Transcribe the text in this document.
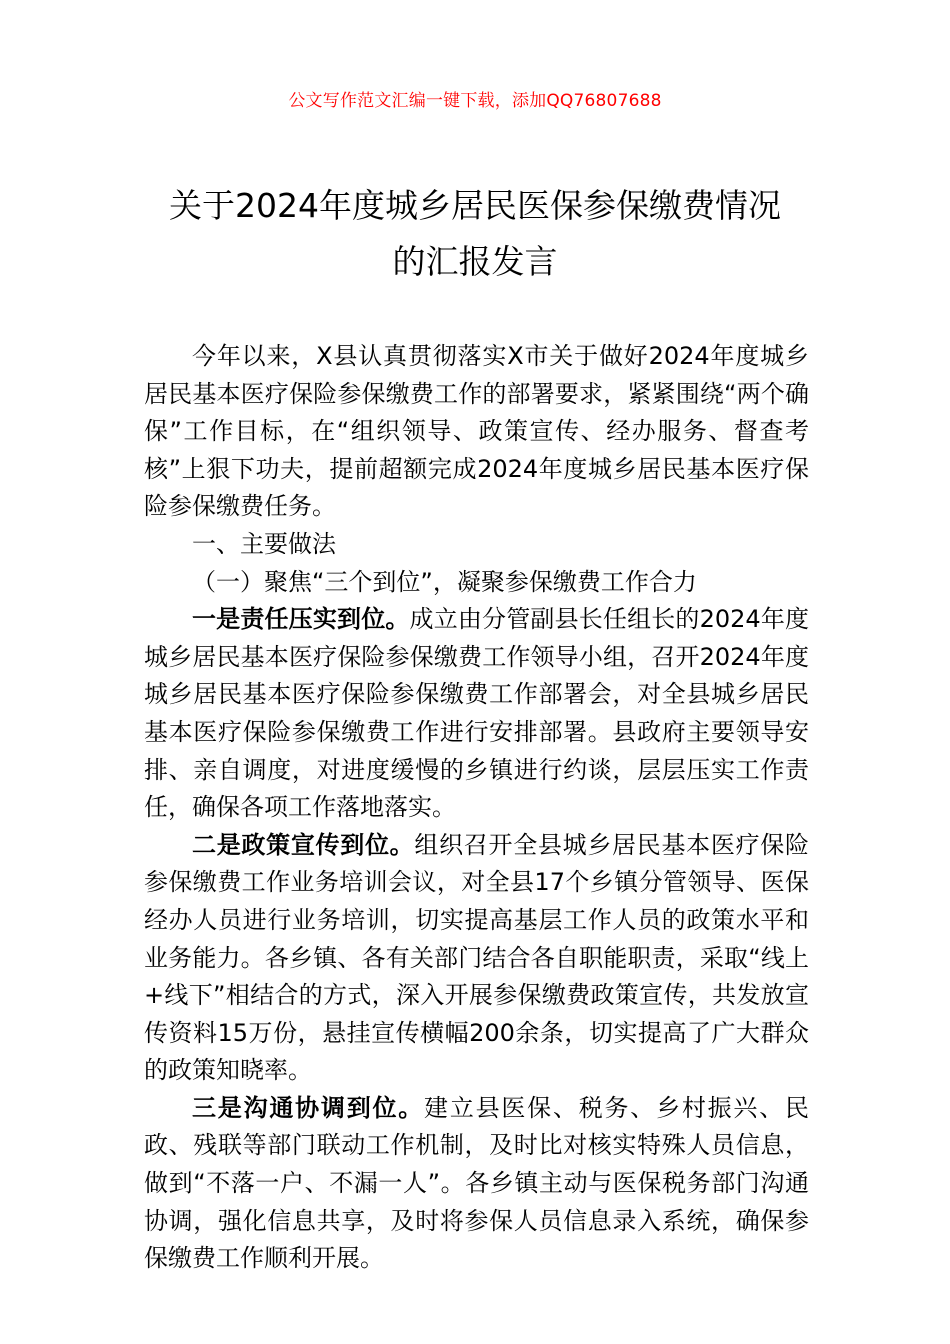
公文写作范文汇编一键下载，添加QQ76807688
关于2024年度城乡居民医保参保缴费情况
的汇报发言

今年以来，X县认真贯彻落实X市关于做好2024年度城乡居民基本医疗保险参保缴费工作的部署要求，紧紧围绕“两个确保”工作目标，在“组织领导、政策宣传、经办服务、督查考核”上狠下功夫，提前超额完成2024年度城乡居民基本医疗保险参保缴费任务。

一、主要做法

（一）聚焦“三个到位”，凝聚参保缴费工作合力

一是责任压实到位。成立由分管副县长任组长的2024年度城乡居民基本医疗保险参保缴费工作领导小组，召开2024年度城乡居民基本医疗保险参保缴费工作部署会，对全县城乡居民基本医疗保险参保缴费工作进行安排部署。县政府主要领导安排、亲自调度，对进度缓慢的乡镇进行约谈，层层压实工作责任，确保各项工作落地落实。

二是政策宣传到位。组织召开全县城乡居民基本医疗保险参保缴费工作业务培训会议，对全县17个乡镇分管领导、医保经办人员进行业务培训，切实提高基层工作人员的政策水平和业务能力。各乡镇、各有关部门结合各自职能职责，采取“线上+线下”相结合的方式，深入开展参保缴费政策宣传，共发放宣传资料15万份，悬挂宣传横幅200余条，切实提高了广大群众的政策知晓率。

三是沟通协调到位。建立县医保、税务、乡村振兴、民政、残联等部门联动工作机制，及时比对核实特殊人员信息，做到“不落一户、不漏一人”。各乡镇主动与医保税务部门沟通协调，强化信息共享，及时将参保人员信息录入系统，确保参保缴费工作顺利开展。
